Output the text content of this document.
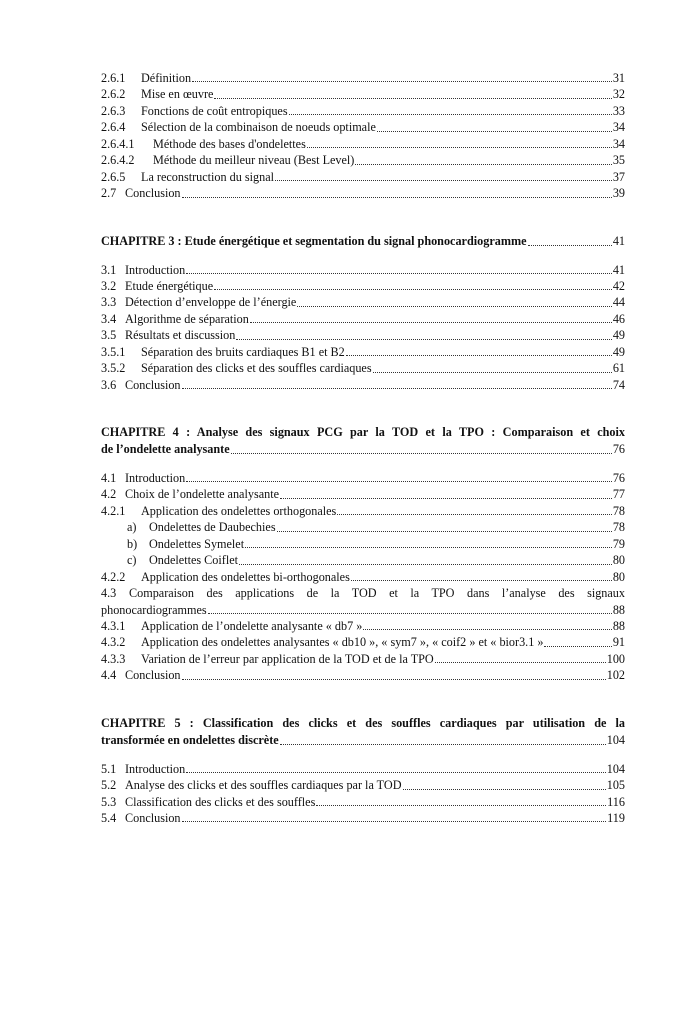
2.6.1	Définition	31
2.6.2	Mise en œuvre	32
2.6.3	Fonctions de coût entropiques	33
2.6.4	Sélection de la combinaison de noeuds optimale	34
2.6.4.1	Méthode des bases d'ondelettes	34
2.6.4.2	Méthode du meilleur niveau (Best Level)	35
2.6.5	La reconstruction du signal	37
2.7 Conclusion	39
CHAPITRE 3 : Etude énergétique et segmentation du signal phonocardiogramme	41
3.1 Introduction	41
3.2 Etude énergétique	42
3.3 Détection d’enveloppe de l’énergie	44
3.4 Algorithme de séparation	46
3.5 Résultats et discussion	49
3.5.1	Séparation des bruits cardiaques B1 et B2	49
3.5.2	Séparation des clicks et des souffles cardiaques	61
3.6 Conclusion	74
CHAPITRE 4 : Analyse des signaux PCG par la TOD et la TPO : Comparaison et choix
de l’ondelette analysante	76
4.1 Introduction	76
4.2 Choix de l’ondelette analysante	77
4.2.1	Application des ondelettes orthogonales	78
a)	Ondelettes de Daubechies	78
b) Ondelettes Symelet	79
c)	Ondelettes Coiflet	80
4.2.2	Application des ondelettes bi-orthogonales	80
4.3 Comparaison des applications de la TOD et la TPO dans l’analyse des signaux
phonocardiogrammes	88
4.3.1	Application de l’ondelette analysante « db7 »	88
4.3.2	Application des ondelettes analysantes « db10 », « sym7 », « coif2 » et « bior3.1 »	91
4.3.3	Variation de l’erreur par application de la TOD et de la TPO	100
4.4 Conclusion	102
CHAPITRE 5 : Classification des clicks et des souffles cardiaques par utilisation de la
transformée en ondelettes discrète	104
5.1 Introduction	104
5.2 Analyse des clicks et des souffles cardiaques par la TOD	105
5.3 Classification des clicks et des souffles	116
5.4 Conclusion	119
